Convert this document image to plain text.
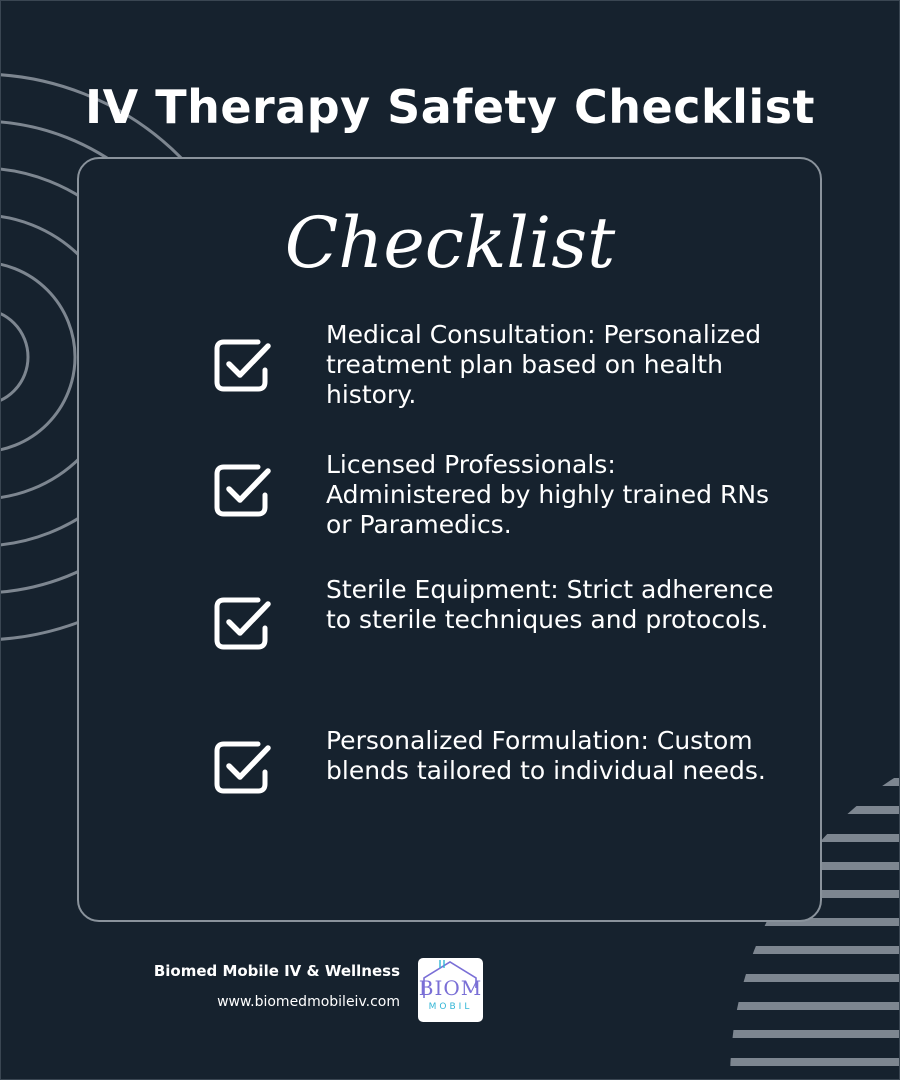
IV Therapy Safety Checklist
Checklist
Medical Consultation: Personalized treatment plan based on health history.
Licensed Professionals: Administered by highly trained RNs or Paramedics.
Sterile Equipment: Strict adherence to sterile techniques and protocols.
Personalized Formulation: Custom blends tailored to individual needs.
Biomed Mobile IV & Wellness
www.biomedmobileiv.com
BIOM
MOBIL
